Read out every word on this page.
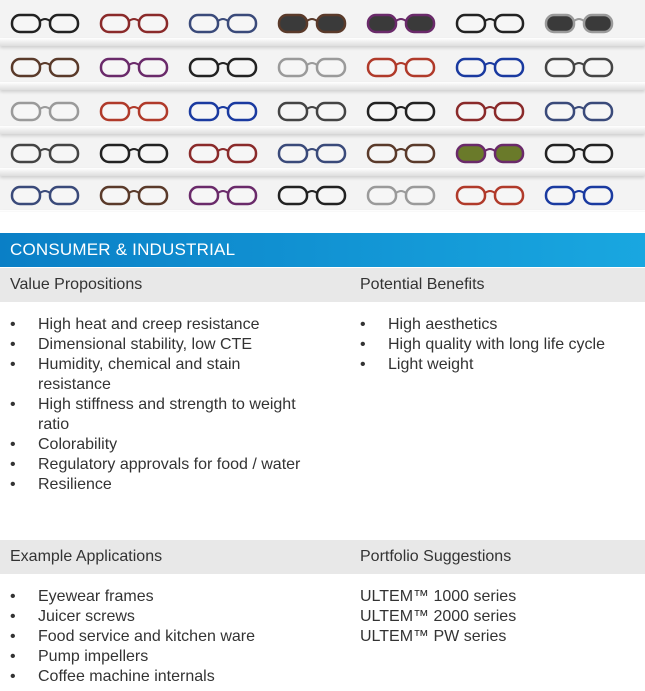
CONSUMER & INDUSTRIAL
Value Propositions	Potential Benefits
• High heat and creep resistance
• Dimensional stability, low CTE
• Humidity, chemical and stain resistance
• High stiffness and strength to weight ratio
• Colorability
• Regulatory approvals for food / water
• Resilience
• High aesthetics
• High quality with long life cycle
• Light weight
Example Applications	Portfolio Suggestions
• Eyewear frames
• Juicer screws
• Food service and kitchen ware
• Pump impellers
• Coffee machine internals
ULTEM™ 1000 series
ULTEM™ 2000 series
ULTEM™ PW series
